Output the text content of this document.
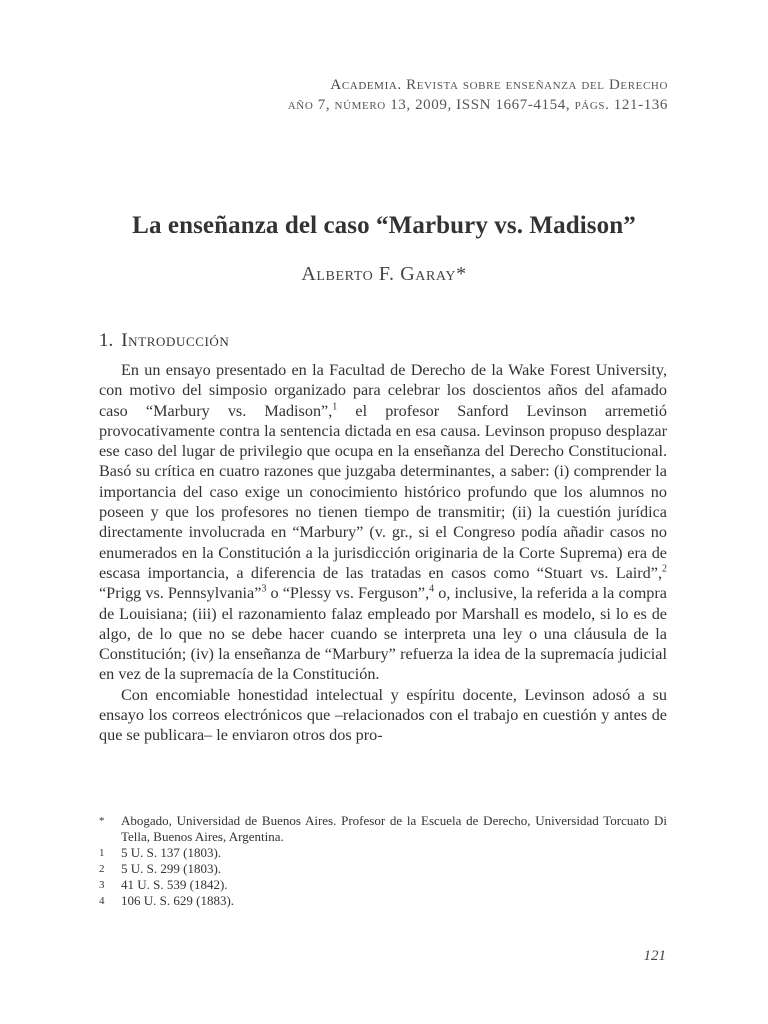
Academia. Revista sobre enseñanza del Derecho
año 7, número 13, 2009, ISSN 1667-4154, págs. 121-136
La enseñanza del caso “Marbury vs. Madison”
Alberto F. Garay*
1. Introducción

En un ensayo presentado en la Facultad de Derecho de la Wake Forest University, con motivo del simposio organizado para celebrar los doscientos años del afamado caso “Marbury vs. Madison”,$^1$ el profesor Sanford Levinson arremetió provocativamente contra la sentencia dictada en esa causa. Levinson propuso desplazar ese caso del lugar de privilegio que ocupa en la enseñanza del Derecho Constitucional. Basó su crítica en cuatro razones que juzgaba determinantes, a saber: (i) comprender la importancia del caso exige un conocimiento histórico profundo que los alumnos no poseen y que los profesores no tienen tiempo de transmitir; (ii) la cuestión jurídica directamente involucrada en “Marbury” (v. gr., si el Congreso podía añadir casos no enumerados en la Constitución a la jurisdicción originaria de la Corte Suprema) era de escasa importancia, a diferencia de las tratadas en casos como “Stuart vs. Laird”,$^2$ “Prigg vs. Pennsylvania”$^3$ o “Plessy vs. Ferguson”,$^4$ o, inclusive, la referida a la compra de Louisiana; (iii) el razonamiento falaz empleado por Marshall es modelo, si lo es de algo, de lo que no se debe hacer cuando se interpreta una ley o una cláusula de la Constitución; (iv) la enseñanza de “Marbury” refuerza la idea de la supremacía judicial en vez de la supremacía de la Constitución.

Con encomiable honestidad intelectual y espíritu docente, Levinson adosó a su ensayo los correos electrónicos que –relacionados con el trabajo en cuestión y antes de que se publicara– le enviaron otros dos pro-

* Abogado, Universidad de Buenos Aires. Profesor de la Escuela de Derecho, Universidad Torcuato Di Tella, Buenos Aires, Argentina.
1 5 U. S. 137 (1803).
2 5 U. S. 299 (1803).
3 41 U. S. 539 (1842).
4 106 U. S. 629 (1883).
121
